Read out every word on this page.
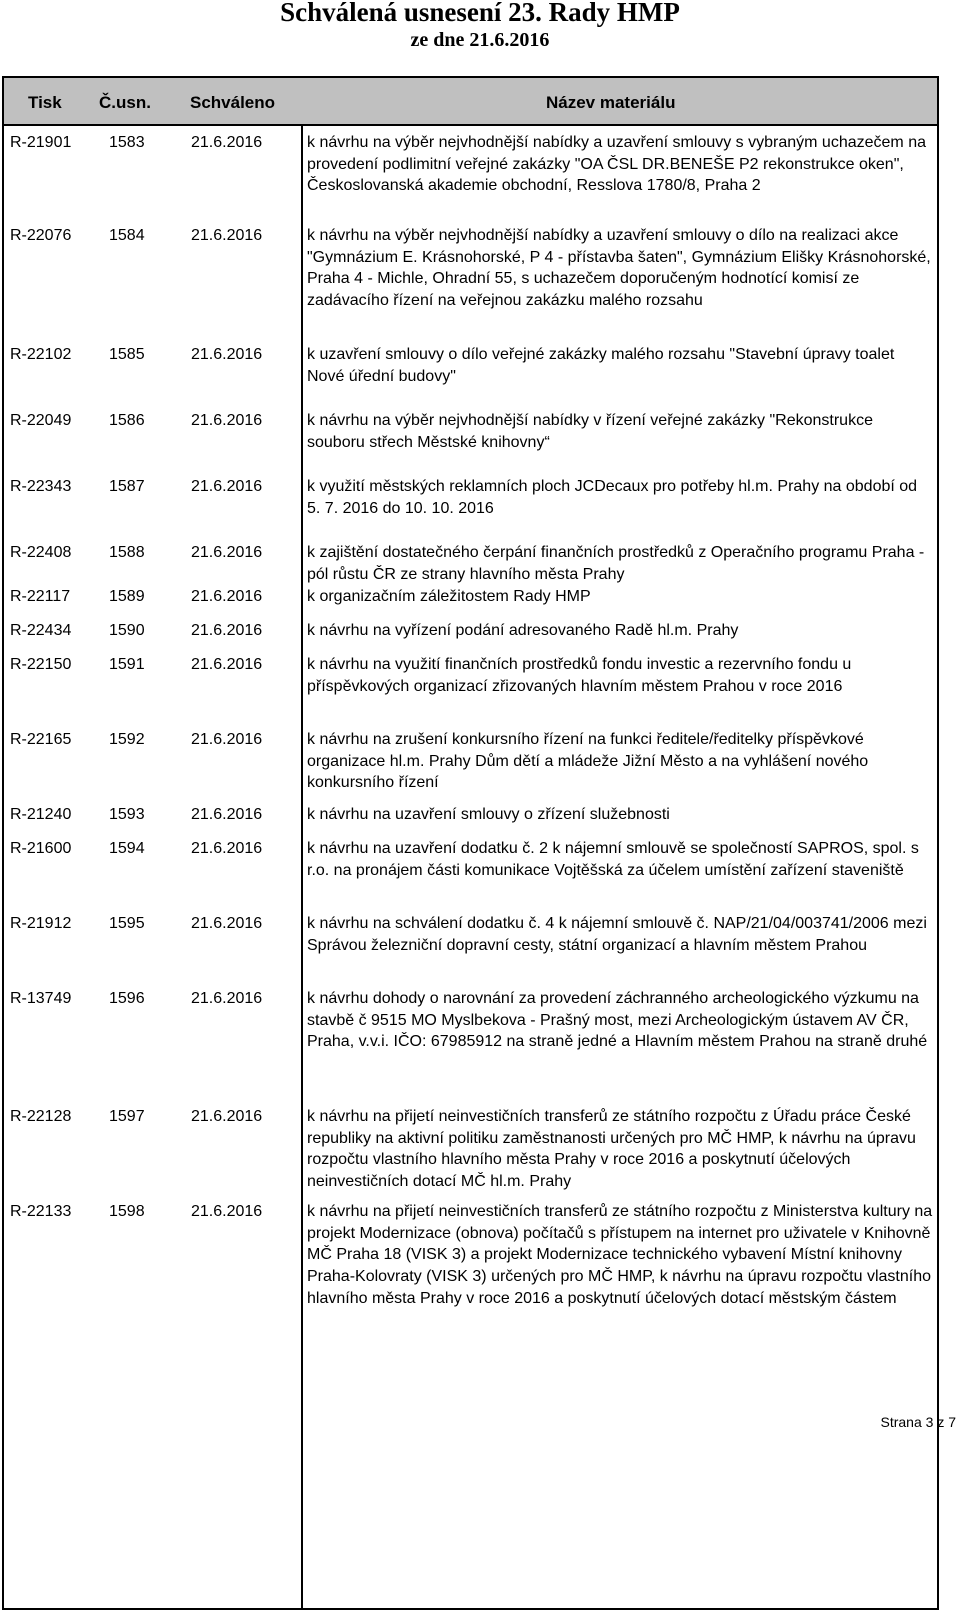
Schválená usnesení 23. Rady HMP
ze dne 21.6.2016
Tisk Č.usn. Schváleno	Název materiálu
R-21901 1583	21.6.2016	k návrhu na výběr nejvhodnější nabídky a uzavření smlouvy s vybraným uchazečem na provedení podlimitní veřejné zakázky "OA ČSL DR.BENEŠE P2 rekonstrukce oken", Českoslovanská akademie obchodní, Resslova 1780/8, Praha 2
R-22076 1584	21.6.2016	k návrhu na výběr nejvhodnější nabídky a uzavření smlouvy o dílo na realizaci akce "Gymnázium E. Krásnohorské, P 4 - přístavba šaten", Gymnázium Elišky Krásnohorské, Praha 4 - Michle, Ohradní 55, s uchazečem doporučeným hodnotící komisí ze zadávacího řízení na veřejnou zakázku malého rozsahu
R-22102 1585	21.6.2016	k uzavření smlouvy o dílo veřejné zakázky malého rozsahu "Stavební úpravy toalet Nové úřední budovy"
R-22049 1586	21.6.2016	k návrhu na výběr nejvhodnější nabídky v řízení veřejné zakázky "Rekonstrukce souboru střech Městské knihovny“
R-22343 1587	21.6.2016	k využití městských reklamních ploch JCDecaux pro potřeby hl.m. Prahy na období od 5. 7. 2016 do 10. 10. 2016
R-22408 1588	21.6.2016	k zajištění dostatečného čerpání finančních prostředků z Operačního programu Praha - pól růstu ČR ze strany hlavního města Prahy
R-22117 1589	21.6.2016	k organizačním záležitostem Rady HMP
R-22434 1590	21.6.2016	k návrhu na vyřízení podání adresovaného Radě hl.m. Prahy
R-22150 1591	21.6.2016	k návrhu na využití finančních prostředků fondu investic a rezervního fondu u příspěvkových organizací zřizovaných hlavním městem Prahou v roce 2016
R-22165 1592	21.6.2016	k návrhu na zrušení konkursního řízení na funkci ředitele/ředitelky příspěvkové organizace hl.m. Prahy Dům dětí a mládeže Jižní Město a na vyhlášení nového konkursního řízení
R-21240 1593	21.6.2016	k návrhu na uzavření smlouvy o zřízení služebnosti
R-21600 1594	21.6.2016	k návrhu na uzavření dodatku č. 2 k nájemní smlouvě se společností SAPROS, spol. s r.o. na pronájem části komunikace Vojtěšská za účelem umístění zařízení staveniště
R-21912 1595	21.6.2016	k návrhu na schválení dodatku č. 4 k nájemní smlouvě č. NAP/21/04/003741/2006 mezi Správou železniční dopravní cesty, státní organizací a hlavním městem Prahou
R-13749 1596	21.6.2016	k návrhu dohody o narovnání za provedení záchranného archeologického výzkumu na stavbě č 9515 MO Myslbekova - Prašný most, mezi Archeologickým ústavem AV ČR, Praha, v.v.i. IČO: 67985912 na straně jedné a Hlavním městem Prahou na straně druhé
R-22128 1597	21.6.2016	k návrhu na přijetí neinvestičních transferů ze státního rozpočtu z Úřadu práce České republiky na aktivní politiku zaměstnanosti určených pro MČ HMP, k návrhu na úpravu rozpočtu vlastního hlavního města Prahy v roce 2016 a poskytnutí účelových neinvestičních dotací MČ hl.m. Prahy
R-22133 1598	21.6.2016	k návrhu na přijetí neinvestičních transferů ze státního rozpočtu z Ministerstva kultury na projekt Modernizace (obnova) počítačů s přístupem na internet pro uživatele v Knihovně MČ Praha 18 (VISK 3) a projekt Modernizace technického vybavení Místní knihovny Praha-Kolovraty (VISK 3) určených pro MČ HMP, k návrhu na úpravu rozpočtu vlastního hlavního města Prahy v roce 2016 a poskytnutí účelových dotací městským částem
Strana 3 z 7
